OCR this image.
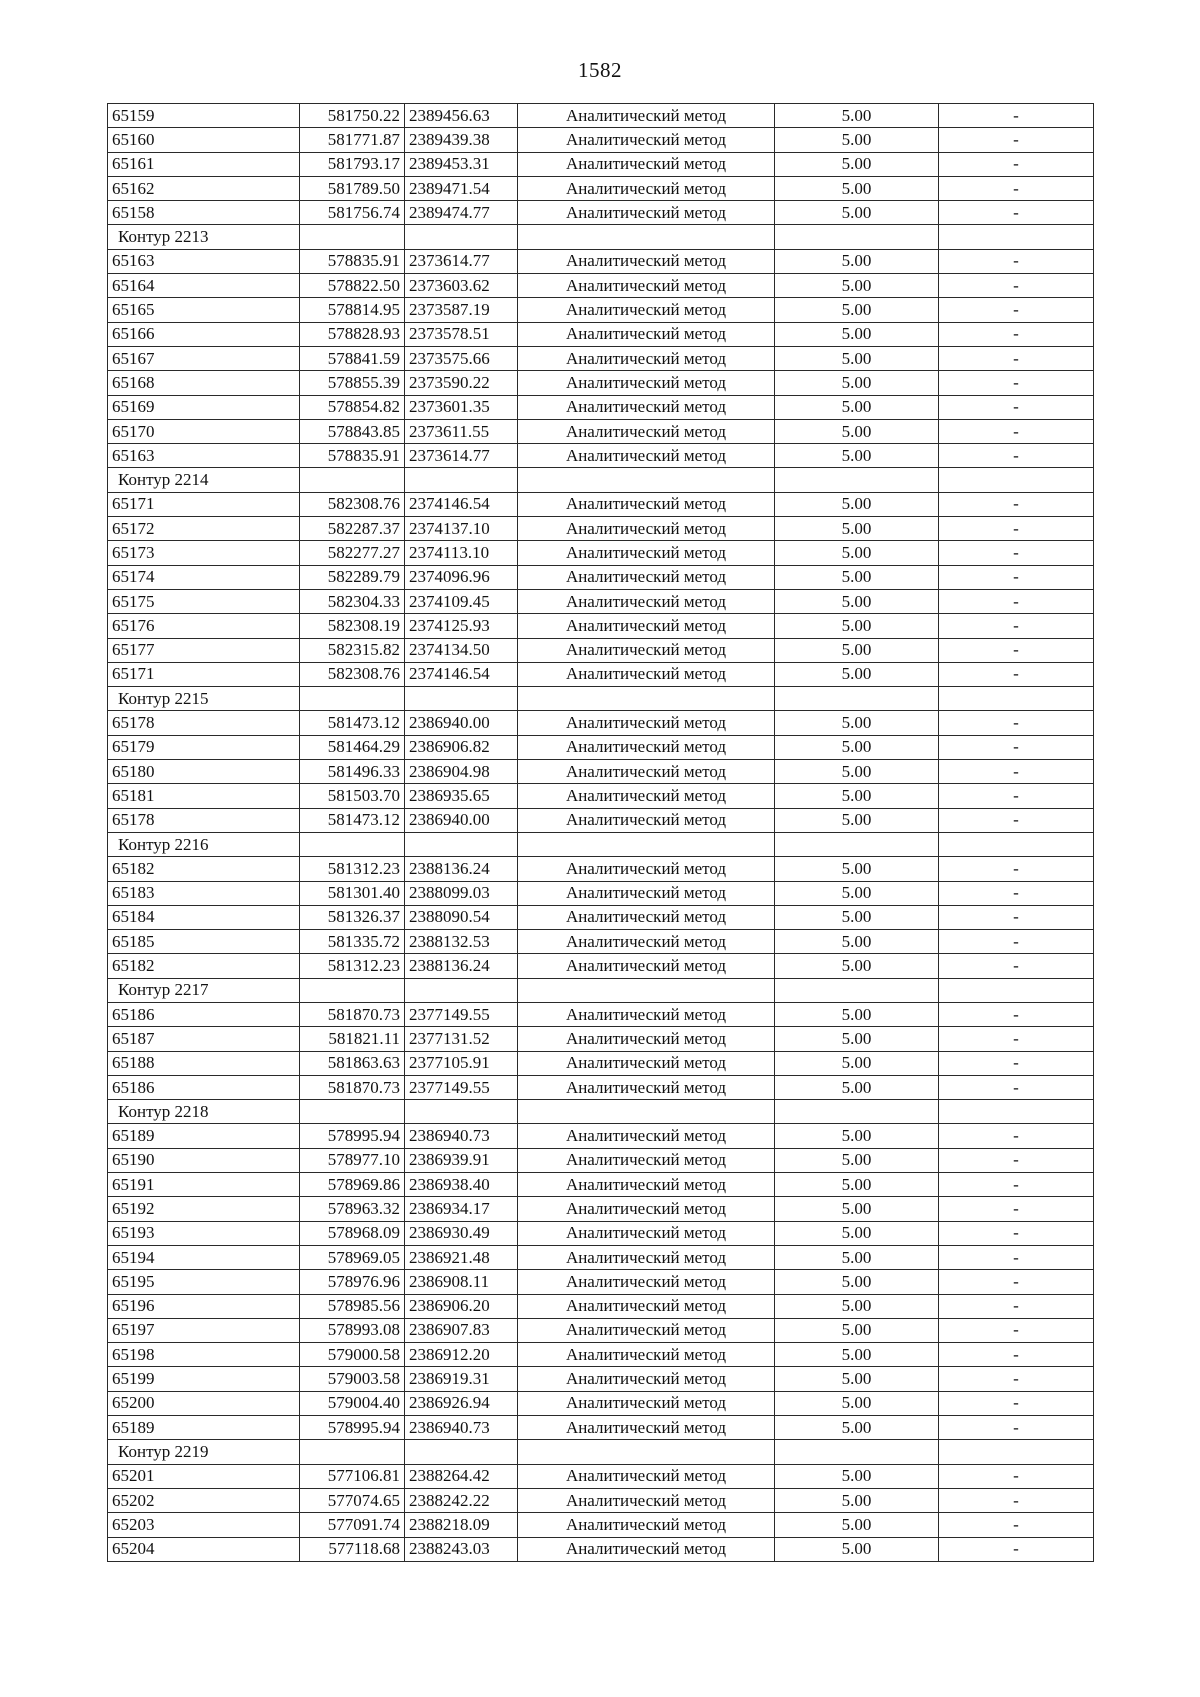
1582
65159	581750.22	2389456.63	Аналитический метод	5.00	-
65160	581771.87	2389439.38	Аналитический метод	5.00	-
65161	581793.17	2389453.31	Аналитический метод	5.00	-
65162	581789.50	2389471.54	Аналитический метод	5.00	-
65158	581756.74	2389474.77	Аналитический метод	5.00	-
Контур 2213					
65163	578835.91	2373614.77	Аналитический метод	5.00	-
65164	578822.50	2373603.62	Аналитический метод	5.00	-
65165	578814.95	2373587.19	Аналитический метод	5.00	-
65166	578828.93	2373578.51	Аналитический метод	5.00	-
65167	578841.59	2373575.66	Аналитический метод	5.00	-
65168	578855.39	2373590.22	Аналитический метод	5.00	-
65169	578854.82	2373601.35	Аналитический метод	5.00	-
65170	578843.85	2373611.55	Аналитический метод	5.00	-
65163	578835.91	2373614.77	Аналитический метод	5.00	-
Контур 2214					
65171	582308.76	2374146.54	Аналитический метод	5.00	-
65172	582287.37	2374137.10	Аналитический метод	5.00	-
65173	582277.27	2374113.10	Аналитический метод	5.00	-
65174	582289.79	2374096.96	Аналитический метод	5.00	-
65175	582304.33	2374109.45	Аналитический метод	5.00	-
65176	582308.19	2374125.93	Аналитический метод	5.00	-
65177	582315.82	2374134.50	Аналитический метод	5.00	-
65171	582308.76	2374146.54	Аналитический метод	5.00	-
Контур 2215					
65178	581473.12	2386940.00	Аналитический метод	5.00	-
65179	581464.29	2386906.82	Аналитический метод	5.00	-
65180	581496.33	2386904.98	Аналитический метод	5.00	-
65181	581503.70	2386935.65	Аналитический метод	5.00	-
65178	581473.12	2386940.00	Аналитический метод	5.00	-
Контур 2216					
65182	581312.23	2388136.24	Аналитический метод	5.00	-
65183	581301.40	2388099.03	Аналитический метод	5.00	-
65184	581326.37	2388090.54	Аналитический метод	5.00	-
65185	581335.72	2388132.53	Аналитический метод	5.00	-
65182	581312.23	2388136.24	Аналитический метод	5.00	-
Контур 2217					
65186	581870.73	2377149.55	Аналитический метод	5.00	-
65187	581821.11	2377131.52	Аналитический метод	5.00	-
65188	581863.63	2377105.91	Аналитический метод	5.00	-
65186	581870.73	2377149.55	Аналитический метод	5.00	-
Контур 2218					
65189	578995.94	2386940.73	Аналитический метод	5.00	-
65190	578977.10	2386939.91	Аналитический метод	5.00	-
65191	578969.86	2386938.40	Аналитический метод	5.00	-
65192	578963.32	2386934.17	Аналитический метод	5.00	-
65193	578968.09	2386930.49	Аналитический метод	5.00	-
65194	578969.05	2386921.48	Аналитический метод	5.00	-
65195	578976.96	2386908.11	Аналитический метод	5.00	-
65196	578985.56	2386906.20	Аналитический метод	5.00	-
65197	578993.08	2386907.83	Аналитический метод	5.00	-
65198	579000.58	2386912.20	Аналитический метод	5.00	-
65199	579003.58	2386919.31	Аналитический метод	5.00	-
65200	579004.40	2386926.94	Аналитический метод	5.00	-
65189	578995.94	2386940.73	Аналитический метод	5.00	-
Контур 2219					
65201	577106.81	2388264.42	Аналитический метод	5.00	-
65202	577074.65	2388242.22	Аналитический метод	5.00	-
65203	577091.74	2388218.09	Аналитический метод	5.00	-
65204	577118.68	2388243.03	Аналитический метод	5.00	-
